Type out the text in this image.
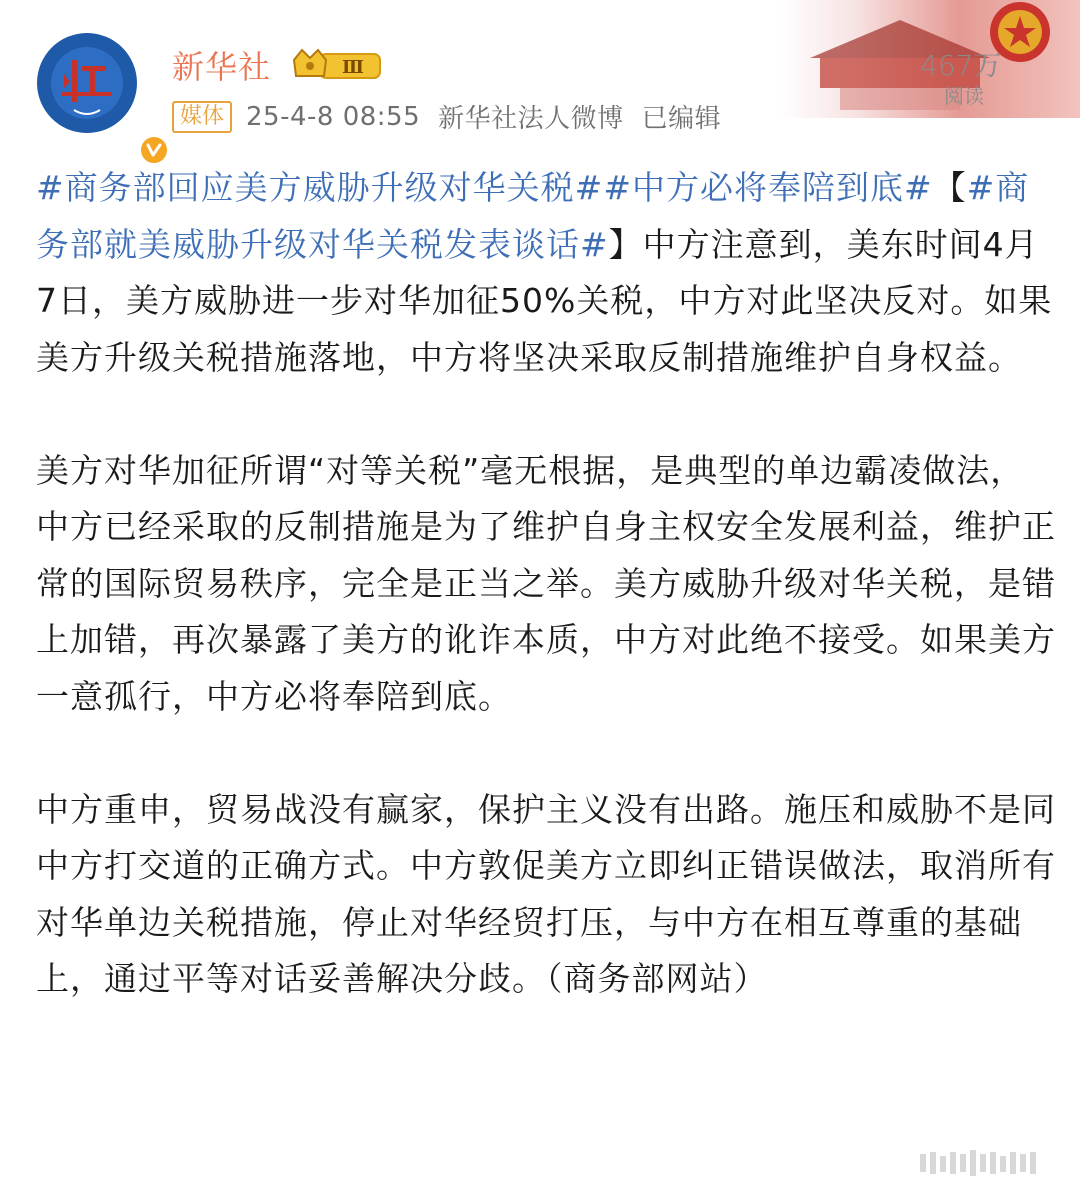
新华社	Ⅲ
媒体 25-4-8 08:55 新华社法人微博 已编辑
467万
阅读

#商务部回应美方威胁升级对华关税##中方必将奉陪到底#【#商务部就美威胁升级对华关税发表谈话#】中方注意到，美东时间4月7日，美方威胁进一步对华加征50%关税，中方对此坚决反对。如果美方升级关税措施落地，中方将坚决采取反制措施维护自身权益。

美方对华加征所谓“对等关税”毫无根据，是典型的单边霸凌做法，中方已经采取的反制措施是为了维护自身主权安全发展利益，维护正常的国际贸易秩序，完全是正当之举。美方威胁升级对华关税，是错上加错，再次暴露了美方的讹诈本质，中方对此绝不接受。如果美方一意孤行，中方必将奉陪到底。

中方重申，贸易战没有赢家，保护主义没有出路。施压和威胁不是同中方打交道的正确方式。中方敦促美方立即纠正错误做法，取消所有对华单边关税措施，停止对华经贸打压，与中方在相互尊重的基础上，通过平等对话妥善解决分歧。（商务部网站）
